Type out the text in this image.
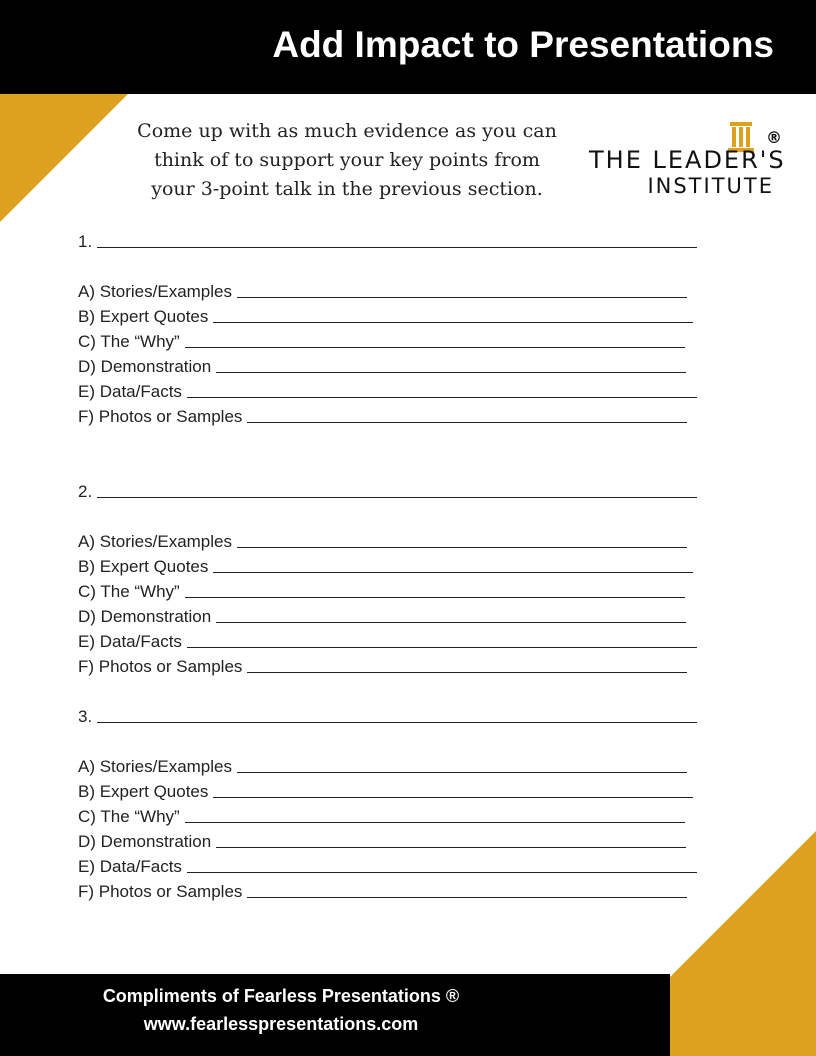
Add Impact to Presentations
Come up with as much evidence as you can
think of to support your key points from
your 3-point talk in the previous section.
®
THE LEADER'S
INSTITUTE
1.
A) Stories/Examples
B) Expert Quotes
C) The “Why”
D) Demonstration
E) Data/Facts
F) Photos or Samples
2.
A) Stories/Examples
B) Expert Quotes
C) The “Why”
D) Demonstration
E) Data/Facts
F) Photos or Samples
3.
A) Stories/Examples
B) Expert Quotes
C) The “Why”
D) Demonstration
E) Data/Facts
F) Photos or Samples
Compliments of Fearless Presentations ®
www.fearlesspresentations.com
